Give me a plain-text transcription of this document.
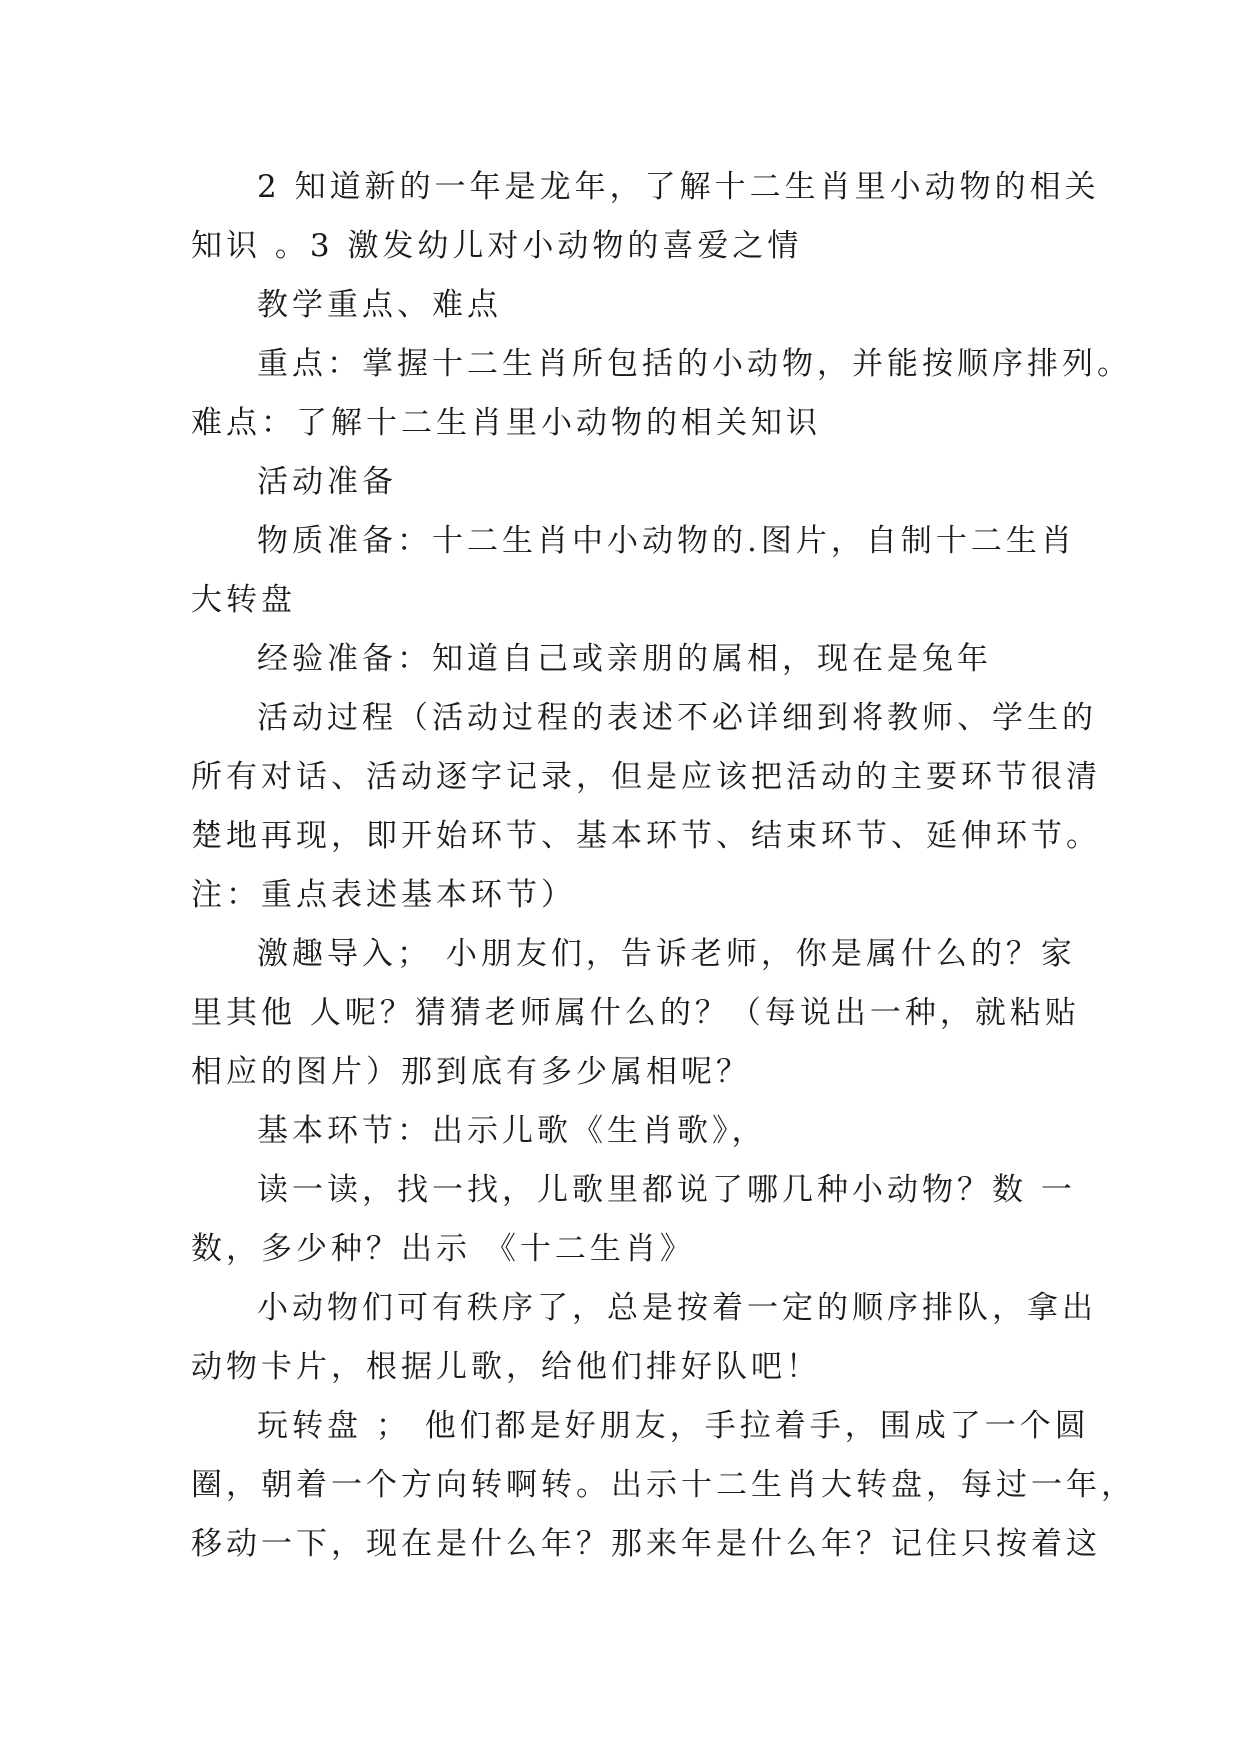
2 知道新的一年是龙年，了解十二生肖里小动物的相关
知识 。3 激发幼儿对小动物的喜爱之情
教学重点、难点
重点：掌握十二生肖所包括的小动物，并能按顺序排列。
难点：了解十二生肖里小动物的相关知识
活动准备
物质准备：十二生肖中小动物的.图片，自制十二生肖
大转盘
经验准备：知道自己或亲朋的属相，现在是兔年
活动过程（活动过程的表述不必详细到将教师、学生的
所有对话、活动逐字记录，但是应该把活动的主要环节很清
楚地再现，即开始环节、基本环节、结束环节、延伸环节。
注：重点表述基本环节）
激趣导入； 小朋友们，告诉老师，你是属什么的？家
里其他 人呢？猜猜老师属什么的？（每说出一种，就粘贴
相应的图片）那到底有多少属相呢？
基本环节：出示儿歌《生肖歌》，
读一读，找一找，儿歌里都说了哪几种小动物？数 一
数，多少种？出示 《十二生肖》
小动物们可有秩序了，总是按着一定的顺序排队，拿出
动物卡片，根据儿歌，给他们排好队吧！
玩转盘 ； 他们都是好朋友，手拉着手，围成了一个圆
圈，朝着一个方向转啊转。出示十二生肖大转盘，每过一年，
移动一下，现在是什么年？那来年是什么年？记住只按着这
